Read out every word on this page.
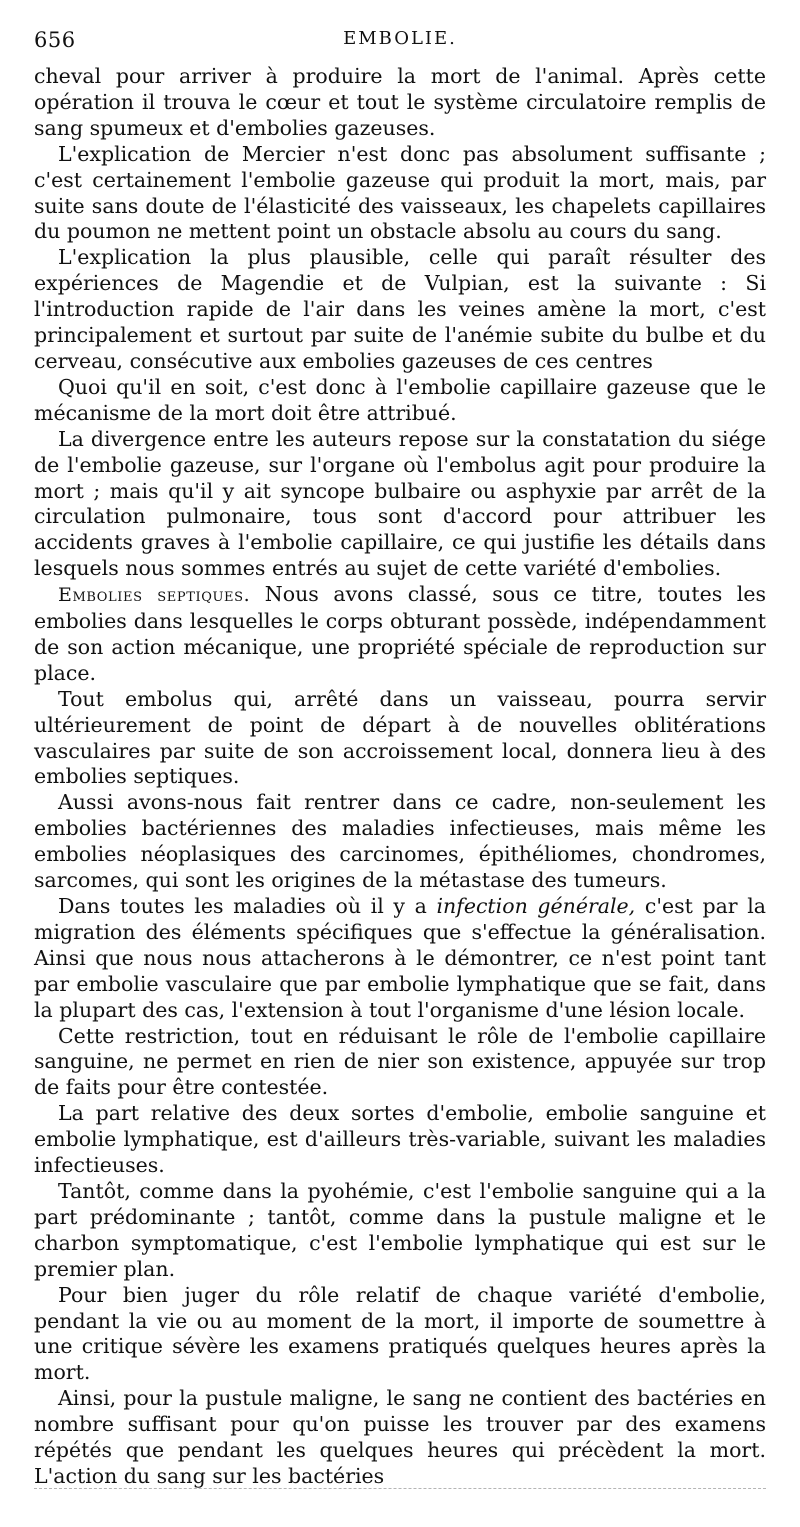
656	EMBOLIE.

cheval pour arriver à produire la mort de l'animal. Après cette opération il trouva le cœur et tout le système circulatoire remplis de sang spumeux et d'embolies gazeuses.

L'explication de Mercier n'est donc pas absolument suffisante ; c'est certainement l'embolie gazeuse qui produit la mort, mais, par suite sans doute de l'élasticité des vaisseaux, les chapelets capillaires du poumon ne mettent point un obstacle absolu au cours du sang.

L'explication la plus plausible, celle qui paraît résulter des expériences de Magendie et de Vulpian, est la suivante : Si l'introduction rapide de l'air dans les veines amène la mort, c'est principalement et surtout par suite de l'anémie subite du bulbe et du cerveau, consécutive aux embolies gazeuses de ces centres

Quoi qu'il en soit, c'est donc à l'embolie capillaire gazeuse que le mécanisme de la mort doit être attribué.

La divergence entre les auteurs repose sur la constatation du siége de l'embolie gazeuse, sur l'organe où l'embolus agit pour produire la mort ; mais qu'il y ait syncope bulbaire ou asphyxie par arrêt de la circulation pulmonaire, tous sont d'accord pour attribuer les accidents graves à l'embolie capillaire, ce qui justifie les détails dans lesquels nous sommes entrés au sujet de cette variété d'embolies.

Embolies septiques. Nous avons classé, sous ce titre, toutes les embolies dans lesquelles le corps obturant possède, indépendamment de son action mécanique, une propriété spéciale de reproduction sur place.

Tout embolus qui, arrêté dans un vaisseau, pourra servir ultérieurement de point de départ à de nouvelles oblitérations vasculaires par suite de son accroissement local, donnera lieu à des embolies septiques.

Aussi avons-nous fait rentrer dans ce cadre, non-seulement les embolies bactériennes des maladies infectieuses, mais même les embolies néoplasiques des carcinomes, épithéliomes, chondromes, sarcomes, qui sont les origines de la métastase des tumeurs.

Dans toutes les maladies où il y a infection générale, c'est par la migration des éléments spécifiques que s'effectue la généralisation. Ainsi que nous nous attacherons à le démontrer, ce n'est point tant par embolie vasculaire que par embolie lymphatique que se fait, dans la plupart des cas, l'extension à tout l'organisme d'une lésion locale.

Cette restriction, tout en réduisant le rôle de l'embolie capillaire sanguine, ne permet en rien de nier son existence, appuyée sur trop de faits pour être contestée.

La part relative des deux sortes d'embolie, embolie sanguine et embolie lymphatique, est d'ailleurs très-variable, suivant les maladies infectieuses.

Tantôt, comme dans la pyohémie, c'est l'embolie sanguine qui a la part prédominante ; tantôt, comme dans la pustule maligne et le charbon symptomatique, c'est l'embolie lymphatique qui est sur le premier plan.

Pour bien juger du rôle relatif de chaque variété d'embolie, pendant la vie ou au moment de la mort, il importe de soumettre à une critique sévère les examens pratiqués quelques heures après la mort.

Ainsi, pour la pustule maligne, le sang ne contient des bactéries en nombre suffisant pour qu'on puisse les trouver par des examens répétés que pendant les quelques heures qui précèdent la mort. L'action du sang sur les bactéries
